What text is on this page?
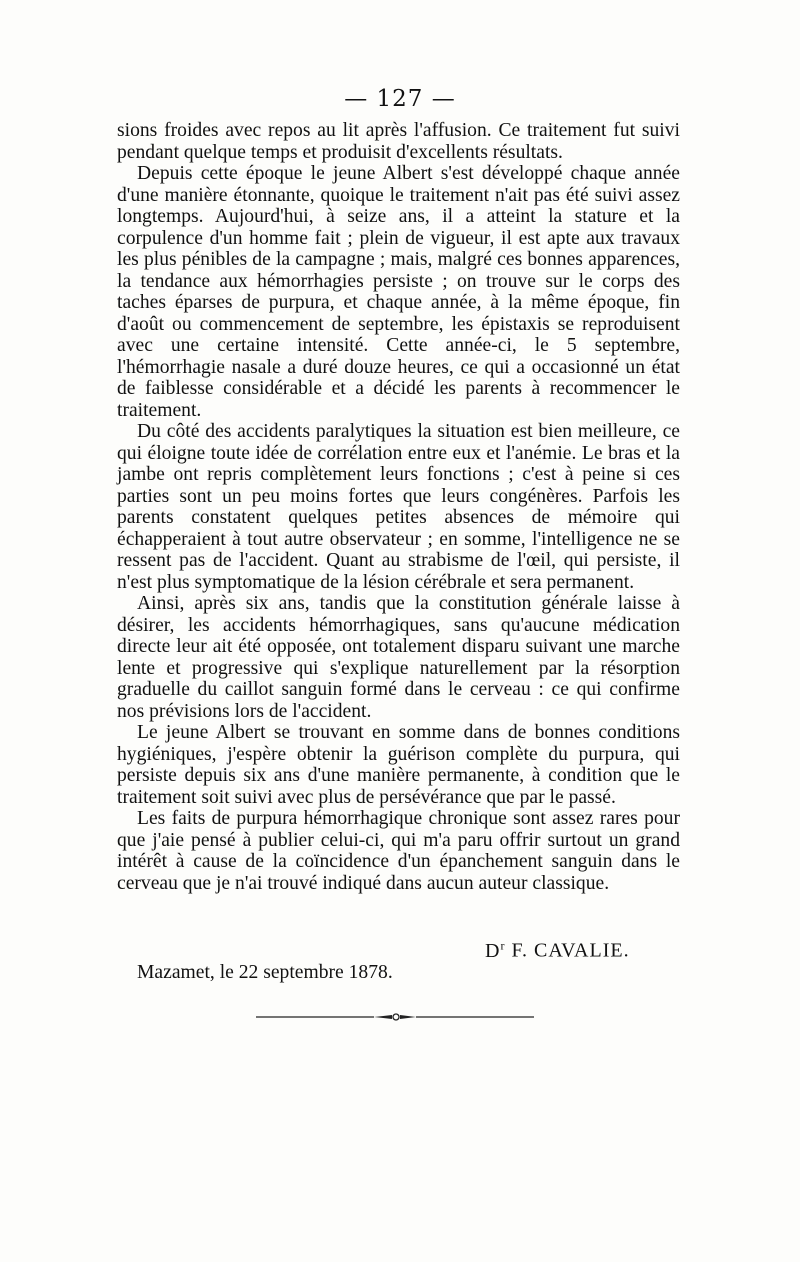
— 127 —

sions froides avec repos au lit après l'affusion. Ce traitement fut suivi pendant quelque temps et produisit d'excellents résultats.

Depuis cette époque le jeune Albert s'est développé chaque année d'une manière étonnante, quoique le traitement n'ait pas été suivi assez longtemps. Aujourd'hui, à seize ans, il a atteint la stature et la corpulence d'un homme fait ; plein de vigueur, il est apte aux travaux les plus pénibles de la campagne ; mais, malgré ces bonnes apparences, la tendance aux hémorrhagies persiste ; on trouve sur le corps des taches éparses de purpura, et chaque année, à la même époque, fin d'août ou commencement de septembre, les épistaxis se reproduisent avec une certaine intensité. Cette année-ci, le 5 septembre, l'hémorrhagie nasale a duré douze heures, ce qui a occasionné un état de faiblesse considérable et a décidé les parents à recommencer le traitement.

Du côté des accidents paralytiques la situation est bien meilleure, ce qui éloigne toute idée de corrélation entre eux et l'anémie. Le bras et la jambe ont repris complètement leurs fonctions ; c'est à peine si ces parties sont un peu moins fortes que leurs congénères. Parfois les parents constatent quelques petites absences de mémoire qui échapperaient à tout autre observateur ; en somme, l'intelligence ne se ressent pas de l'accident. Quant au strabisme de l'œil, qui persiste, il n'est plus symptomatique de la lésion cérébrale et sera permanent.

Ainsi, après six ans, tandis que la constitution générale laisse à désirer, les accidents hémorrhagiques, sans qu'aucune médication directe leur ait été opposée, ont totalement disparu suivant une marche lente et progressive qui s'explique naturellement par la résorption graduelle du caillot sanguin formé dans le cerveau : ce qui confirme nos prévisions lors de l'accident.

Le jeune Albert se trouvant en somme dans de bonnes conditions hygiéniques, j'espère obtenir la guérison complète du purpura, qui persiste depuis six ans d'une manière permanente, à condition que le traitement soit suivi avec plus de persévérance que par le passé.

Les faits de purpura hémorrhagique chronique sont assez rares pour que j'aie pensé à publier celui-ci, qui m'a paru offrir surtout un grand intérêt à cause de la coïncidence d'un épanchement sanguin dans le cerveau que je n'ai trouvé indiqué dans aucun auteur classique.

$D^r$ F. CAVALIE.
Mazamet, le 22 septembre 1878.
